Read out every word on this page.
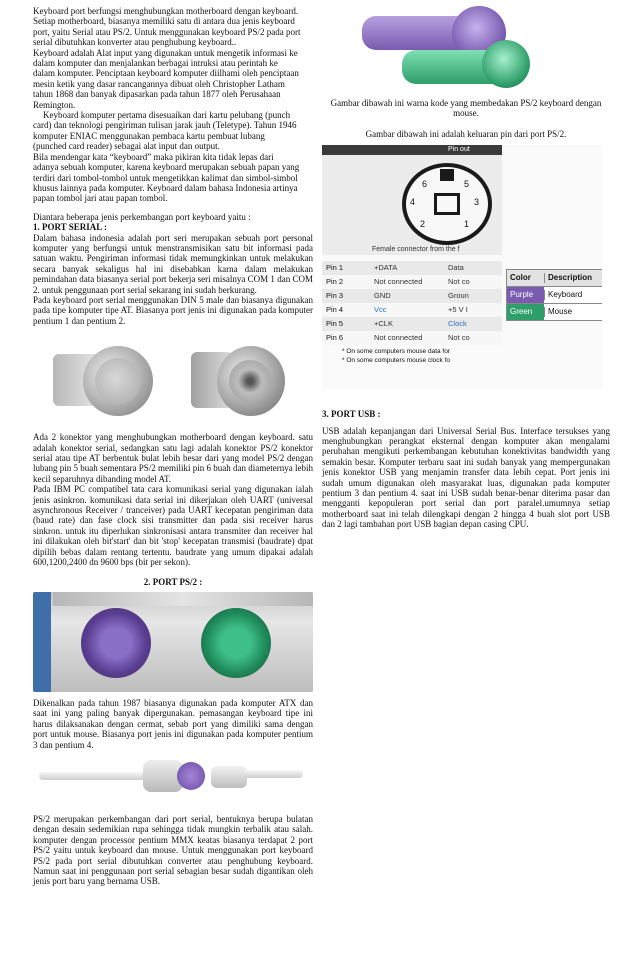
Keyboard port berfungsi menghubungkan motherboard dengan keyboard.

Setiap motherboard, biasanya memiliki satu di antara dua jenis keyboard

port, yaitu Serial atau PS/2. Untuk menggunakan keyboard PS/2 pada port

serial dibutuhkan konverter atau penghubung keyboard..

Keyboard adalah Alat input yang digunakan untuk mengetik informasi ke

dalam komputer dan menjalankan berbagai intruksi atau perintah ke

dalam komputer. Penciptaan keyboard komputer diilhami oleh penciptaan

mesin ketik yang dasar rancangannya dibuat oleh Christopher Latham

tahun 1868 dan banyak dipasarkan pada tahun 1877 oleh Perusahaan

Remington.

Keyboard komputer pertama disesuaikan dari kartu pelubang (punch

card) dan teknologi pengiriman tulisan jarak jauh (Teletype). Tahun 1946

komputer ENIAC menggunakan pembaca kartu pembuat lubang

(punched card reader) sebagai alat input dan output.

Bila mendengar kata “keyboard” maka pikiran kita tidak lepas dari

adanya sebuah komputer, karena keyboard merupakan sebuah papan yang

terdiri dari tombol-tombol untuk mengetikkan kalimat dan simbol-simbol

khusus lainnya pada komputer. Keyboard dalam bahasa Indonesia artinya

papan tombol jari atau papan tombol.

Diantara beberapa jenis perkembangan port keyboard yaitu :

1. PORT SERIAL :

Dalam bahasa indonesia adalah port seri merupakan sebuah port personal komputer yang berfungsi untuk menstransmisikan satu bit informasi pada satuan waktu. Pengiriman informasi tidak memungkinkan untuk melakukan secara banyak sekaligus hal ini disebabkan karna dalam melakukan pemindahan data biasanya serial port bekerja seri misalnya COM 1 dan COM 2. untuk penggunaan port serial sekarang ini sudah berkurang.

Pada keyboard port serial menggunakan DIN 5 male dan biasanya digunakan pada tipe komputer tipe AT. Biasanya port jenis ini digunakan pada komputer pentium 1 dan pentium 2.

Ada 2 konektor yang menghubungkan motherboard dengan keyboard. satu adalah konektor serial, sedangkan satu lagi adalah konektor PS/2 konektor serial atau tipe AT berbentuk bulat lebih besar dari yang model PS/2 dengan lubang pin 5 buah sementara PS/2 memiliki pin 6 buah dan diameternya lebih kecil separuhnya dibanding model AT.

Pada IBM PC compatibel tata cara komunikasi serial yang digunakan ialah jenis asinkron. komunikasi data serial ini dikerjakan oleh UART (universal asynchronous Receiver / tranceiver) pada UART kecepatan pengiriman data (baud rate) dan fase clock sisi transmitter dan pada sisi receiver harus sinkron. untuk itu diperlukan sinkronisasi antara transmiter dan receiver hal ini dilakukan oleh bit'start' dan bit 'stop' kecepatan transmisi (baudrate) dpat dipilih bebas dalam rentang tertentu. baudrate yang umum dipakai adalah 600,1200,2400 dn 9600 bps (bit per sekon).

2. PORT PS/2 :

Dikenalkan pada tahun 1987 biasanya digunakan pada komputer ATX dan saat ini yang paling banyak dipergunakan. pemasangan keyboard tipe ini harus dilaksanakan dengan cermat, sebab port yang dimiliki sama dengan port untuk mouse. Biasanya port jenis ini digunakan pada komputer pentium 3 dan pentium 4.

PS/2 merupakan perkembangan dari port serial, bentuknya berupa bulatan dengan desain sedemikian rupa sehingga tidak mungkin terbalik atau salah. komputer dengan processor pentium MMX keatas biasanya terdapat 2 port PS/2 yaitu untuk keyboard dan mouse. Untuk menggunakan port keyboard PS/2 pada port serial dibutuhkan converter atau penghubung keyboard. Namun saat ini penggunaan port serial sebagian besar sudah digantikan oleh jenis port baru yang bernama USB.

Gambar dibawah ini warna kode yang membedakan PS/2 keyboard dengan mouse.

Gambar dibawah ini adalah keluaran pin dari port PS/2.

Pin out
6	5
4	3
2	1
Female connector from the f
Pin 1	+DATA	Data
Pin 2	Not connected	Not co
Pin 3	GND	Groun
Pin 4	Vcc	+5 V I
Pin 5	+CLK	Clock
Pin 6	Not connected	Not co
* On some computers mouse data for
* On some computers mouse clock fo
Color	Description
Purple	Keyboard
Green	Mouse

3. PORT USB :

USB adalah kepanjangan dari Universal Serial Bus. Interface tersukses yang menghubungkan perangkat eksternal dengan komputer akan mengalami perubahan mengikuti perkembangan kebutuhan konektivitas bandwidth yang semakin besar. Komputer terbaru saat ini sudah banyak yang mempergunakan jenis konektor USB yang menjamin transfer data lebih cepat. Port jenis ini sudah umum digunakan oleh masyarakat luas, digunakan pada komputer pentium 3 dan pentium 4. saat ini USB sudah benar-benar diterima pasar dan mengganti kepopuleran port serial dan port paralel.umumnya setiap motherboard saat ini telah dilengkapi dengan 2 hingga 4 buah slot port USB dan 2 lagi tambahan port USB bagian depan casing CPU.
